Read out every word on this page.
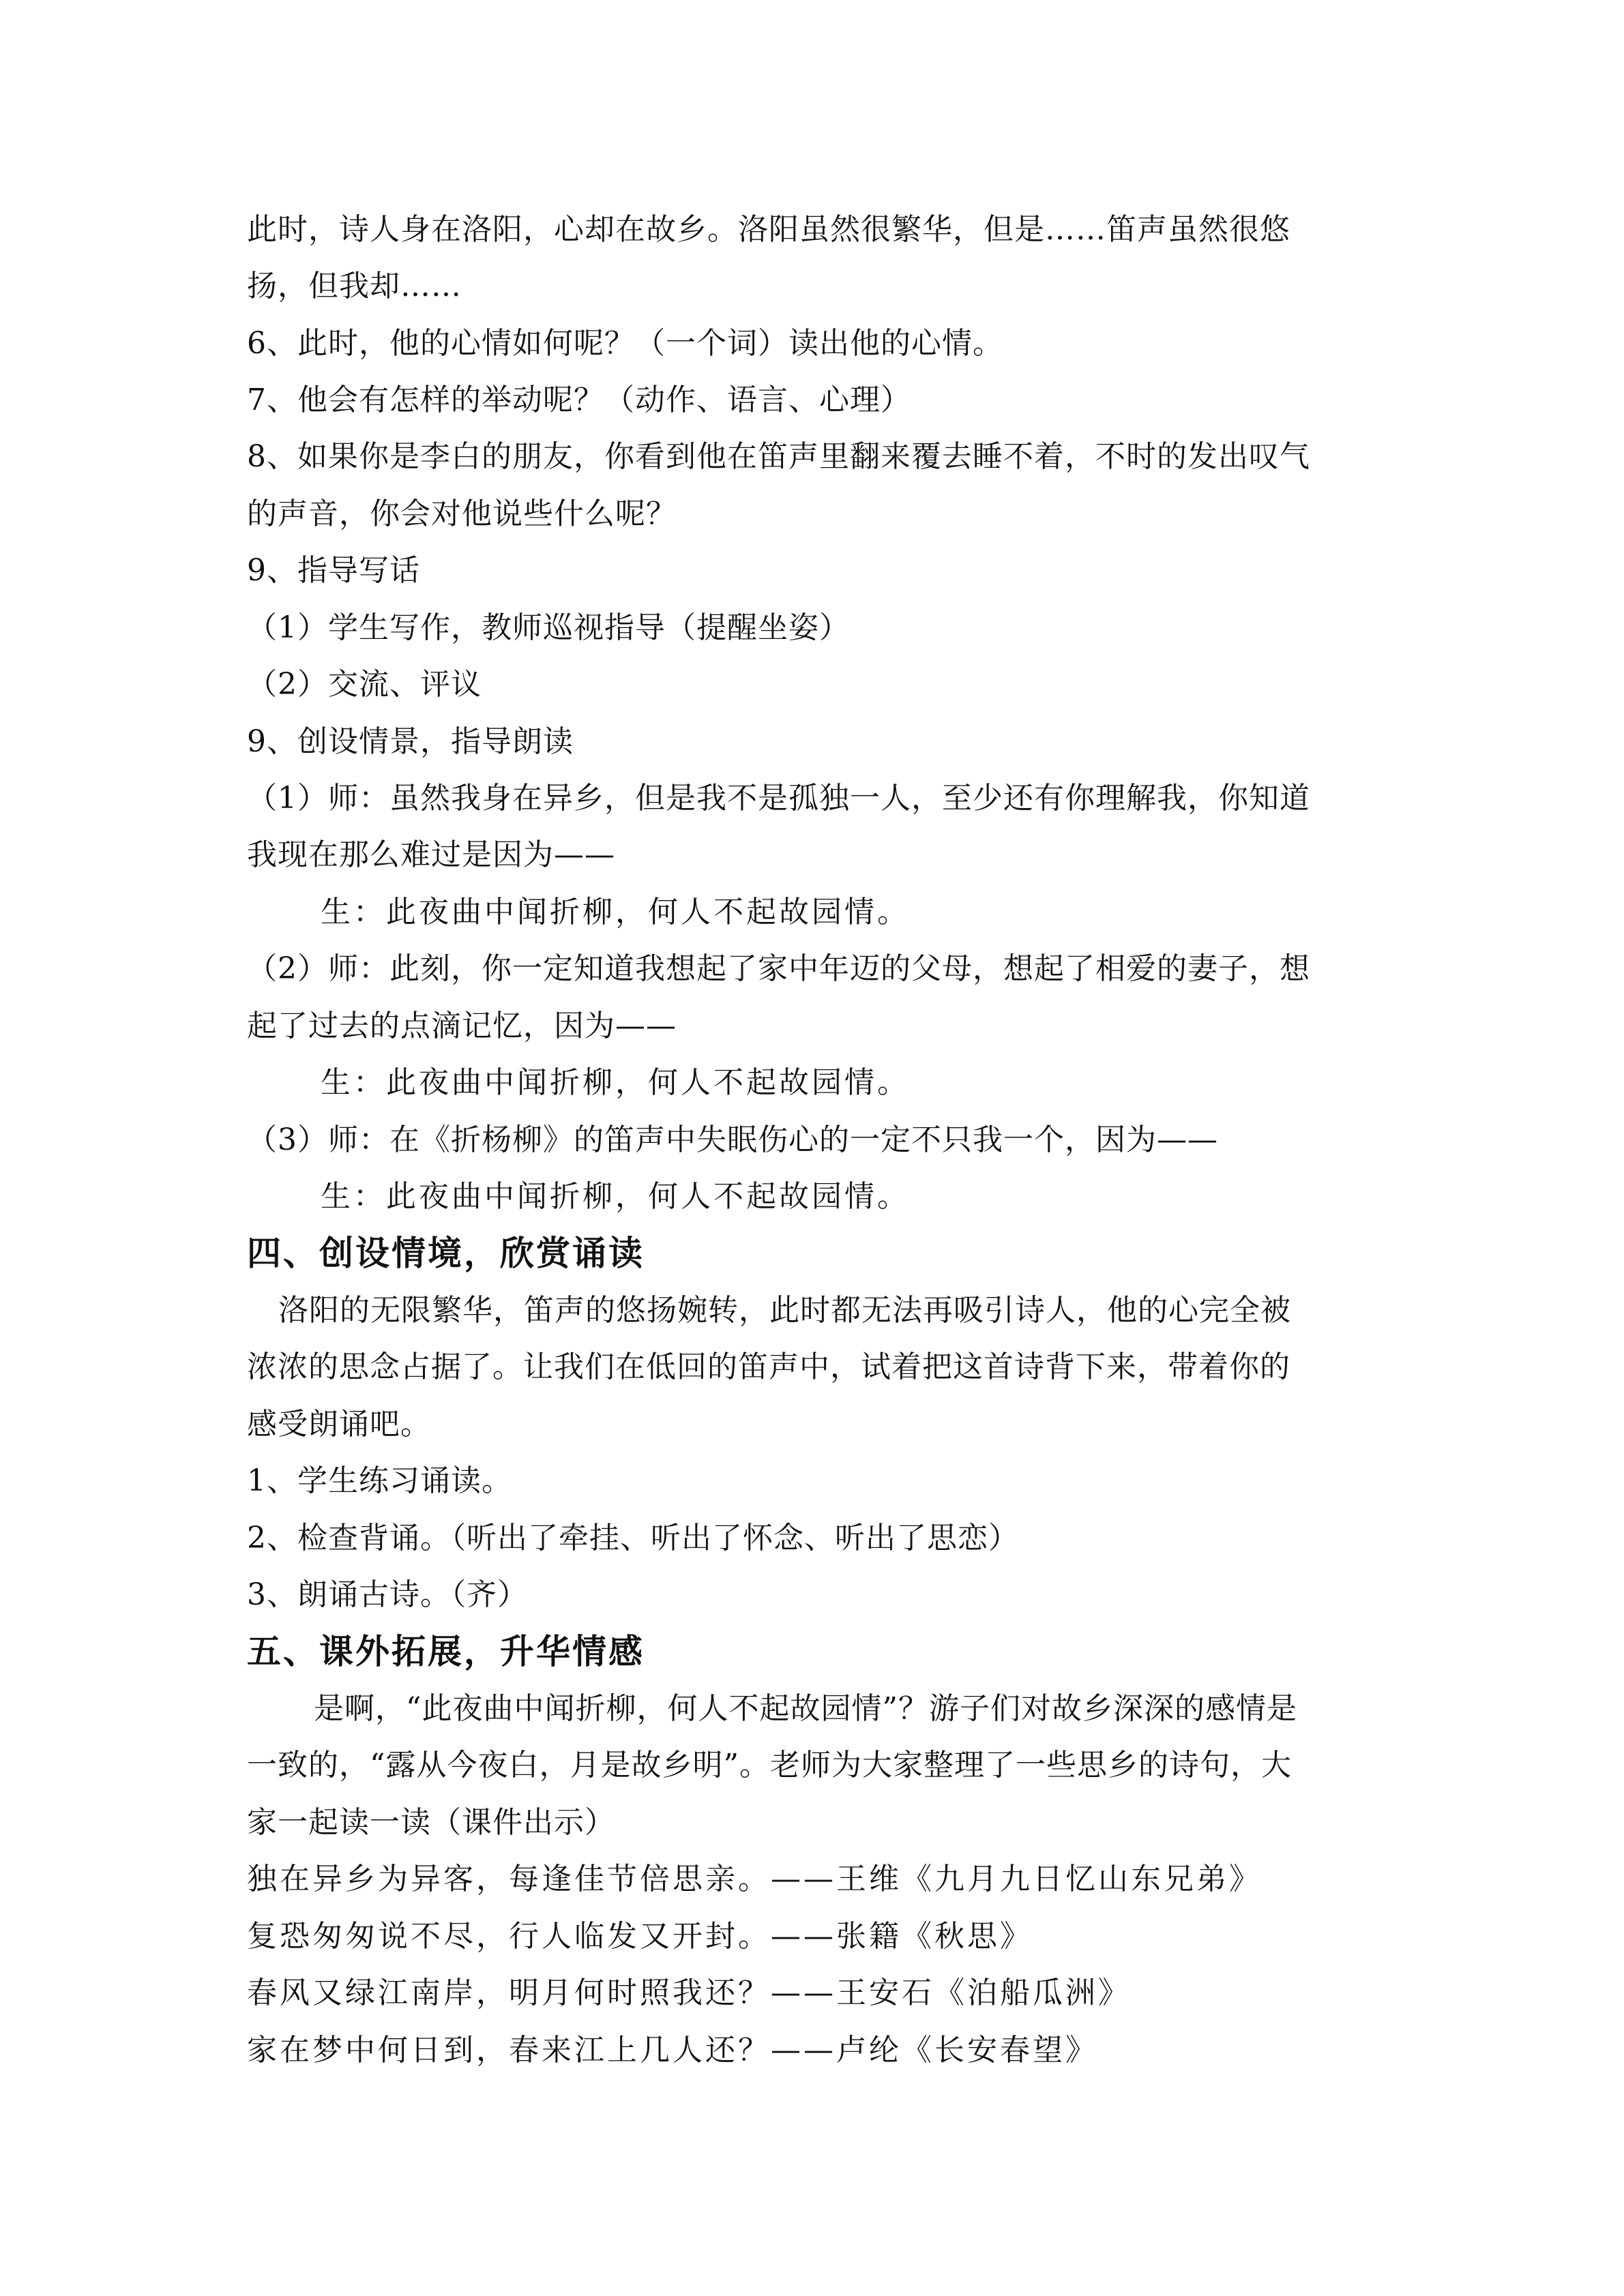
此时，诗人身在洛阳，心却在故乡。洛阳虽然很繁华，但是……笛声虽然很悠
扬，但我却……
6、此时，他的心情如何呢？（一个词）读出他的心情。
7、他会有怎样的举动呢？（动作、语言、心理）
8、如果你是李白的朋友，你看到他在笛声里翻来覆去睡不着，不时的发出叹气
的声音，你会对他说些什么呢？
9、指导写话
（1）学生写作，教师巡视指导（提醒坐姿）
（2）交流、评议
9、创设情景，指导朗读
（1）师：虽然我身在异乡，但是我不是孤独一人，至少还有你理解我，你知道
我现在那么难过是因为——
生：此夜曲中闻折柳，何人不起故园情。
（2）师：此刻，你一定知道我想起了家中年迈的父母，想起了相爱的妻子，想
起了过去的点滴记忆，因为——
生：此夜曲中闻折柳，何人不起故园情。
（3）师：在《折杨柳》的笛声中失眠伤心的一定不只我一个，因为——
生：此夜曲中闻折柳，何人不起故园情。
四、创设情境，欣赏诵读
洛阳的无限繁华，笛声的悠扬婉转，此时都无法再吸引诗人，他的心完全被
浓浓的思念占据了。让我们在低回的笛声中，试着把这首诗背下来，带着你的
感受朗诵吧。
1、学生练习诵读。
2、检查背诵。（听出了牵挂、听出了怀念、听出了思恋）
3、朗诵古诗。（齐）
五、课外拓展，升华情感
是啊，“此夜曲中闻折柳，何人不起故园情”？游子们对故乡深深的感情是
一致的，“露从今夜白，月是故乡明”。老师为大家整理了一些思乡的诗句，大
家一起读一读（课件出示）
独在异乡为异客，每逢佳节倍思亲。——王维《九月九日忆山东兄弟》
复恐匆匆说不尽，行人临发又开封。——张籍《秋思》
春风又绿江南岸，明月何时照我还？——王安石《泊船瓜洲》
家在梦中何日到，春来江上几人还？——卢纶《长安春望》
